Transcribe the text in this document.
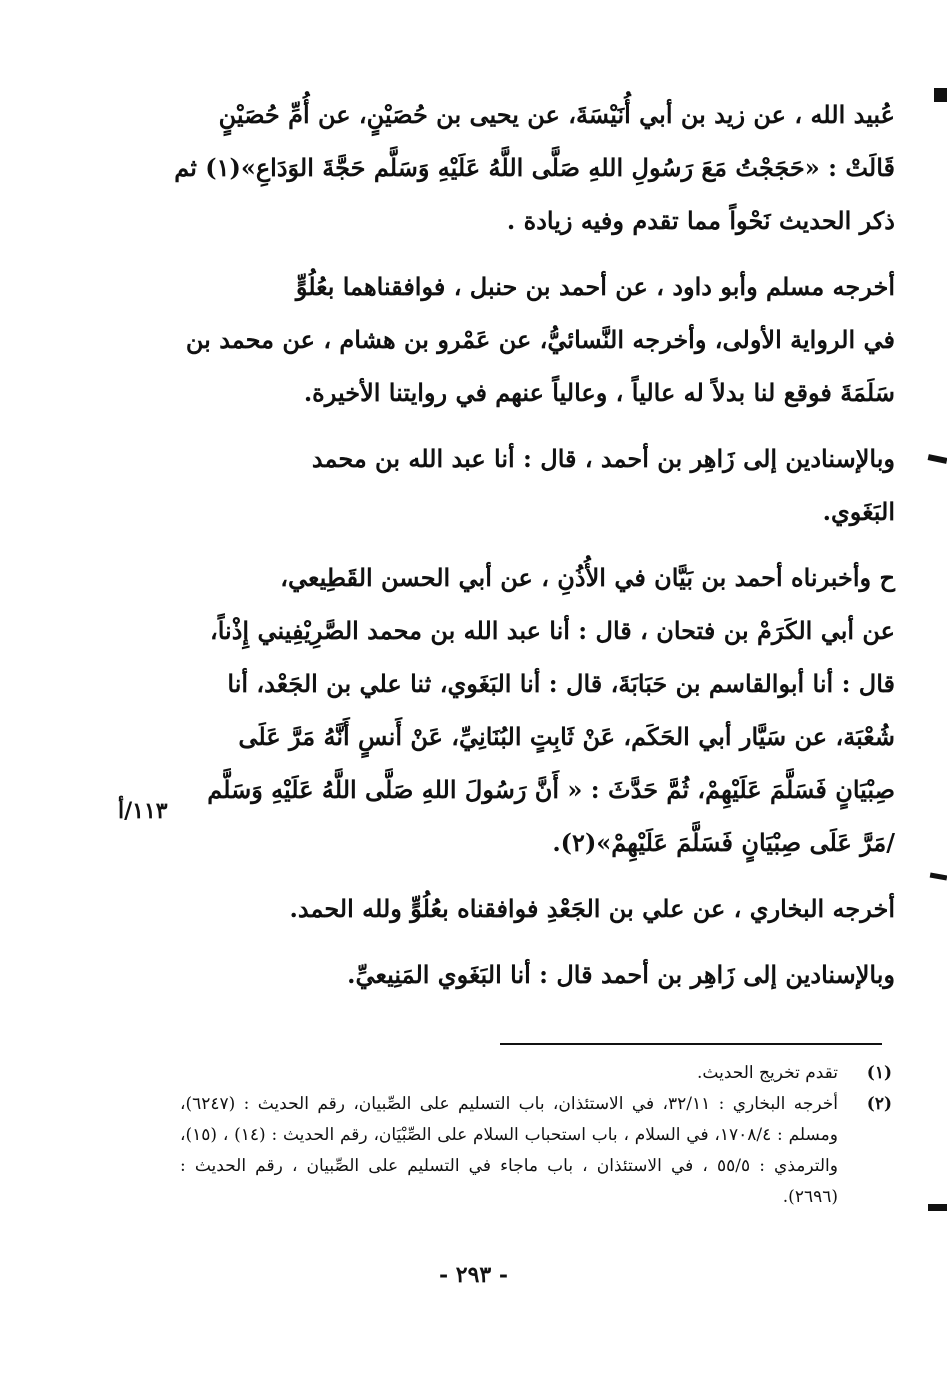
عُبيد الله ، عن زيد بن أبي أُنَيْسَةَ، عن يحيى بن حُصَيْنٍ، عن أُمِّ حُصَيْنٍ
قَالَتْ : «حَجَجْتُ مَعَ رَسُولِ اللهِ صَلَّى اللَّهُ عَلَيْهِ وَسَلَّم حَجَّةَ الوَدَاعِ»(١) ثم
ذكر الحديث نَحْواً مما تقدم وفيه زيادة .
أخرجه مسلم وأبو داود ، عن أحمد بن حنبل ، فوافقناهما بعُلُوٍّ
في الرواية الأولى، وأخرجه النَّسائيُّ، عن عَمْرو بن هشام ، عن محمد بن
سَلَمَةَ فوقع لنا بدلاً له عالياً ، وعالياً عنهم في روايتنا الأخيرة.
وبالإسنادين إلى زَاهِر بن أحمد ، قال : أنا عبد الله بن محمد
البَغَوي.
ح وأخبرناه أحمد بن بَيَّان في الأُذُنِ ، عن أبي الحسن القَطِيعي،
عن أبي الكَرَمْ بن فتحان ، قال : أنا عبد الله بن محمد الصَّرِيْفِيني إِذْناً،
قال : أنا أبوالقاسم بن حَبَابَةَ، قال : أنا البَغَوي، ثنا علي بن الجَعْد، أنا
شُعْبَة، عن سَيَّار أبي الحَكَم، عَنْ ثَابِتٍ البُنَانِيِّ، عَنْ أَنسٍ أَنَّهُ مَرَّ عَلَى
صِبْيَانٍ فَسَلَّمَ عَلَيْهِمْ، ثُمَّ حَدَّثَ : « أَنَّ رَسُولَ اللهِ صَلَّى اللَّهُ عَلَيْهِ وَسَلَّم
/مَرَّ عَلَى صِبْيَانٍ فَسَلَّمَ عَلَيْهِمْ»(٢).
أخرجه البخاري ، عن علي بن الجَعْدِ فوافقناه بعُلُوٍّ ولله الحمد.
وبالإسنادين إلى زَاهِر بن أحمد قال : أنا البَغَوي المَنِيعيِّ.
١١٣/أ
(١)
تقدم تخريج الحديث.
(٢)
أخرجه البخاري : ٣٢/١١، في الاستئذان، باب التسليم على الصِّبيان، رقم الحديث : (٦٢٤٧)، ومسلم : ١٧٠٨/٤، في السلام ، باب استحباب السلام على الصِّبْيَان، رقم الحديث : (١٤) ، (١٥)، والترمذي : ٥٥/٥ ، في الاستئذان ، باب ماجاء في التسليم على الصِّبيان ، رقم الحديث : (٢٦٩٦).
- ٢٩٣ -
